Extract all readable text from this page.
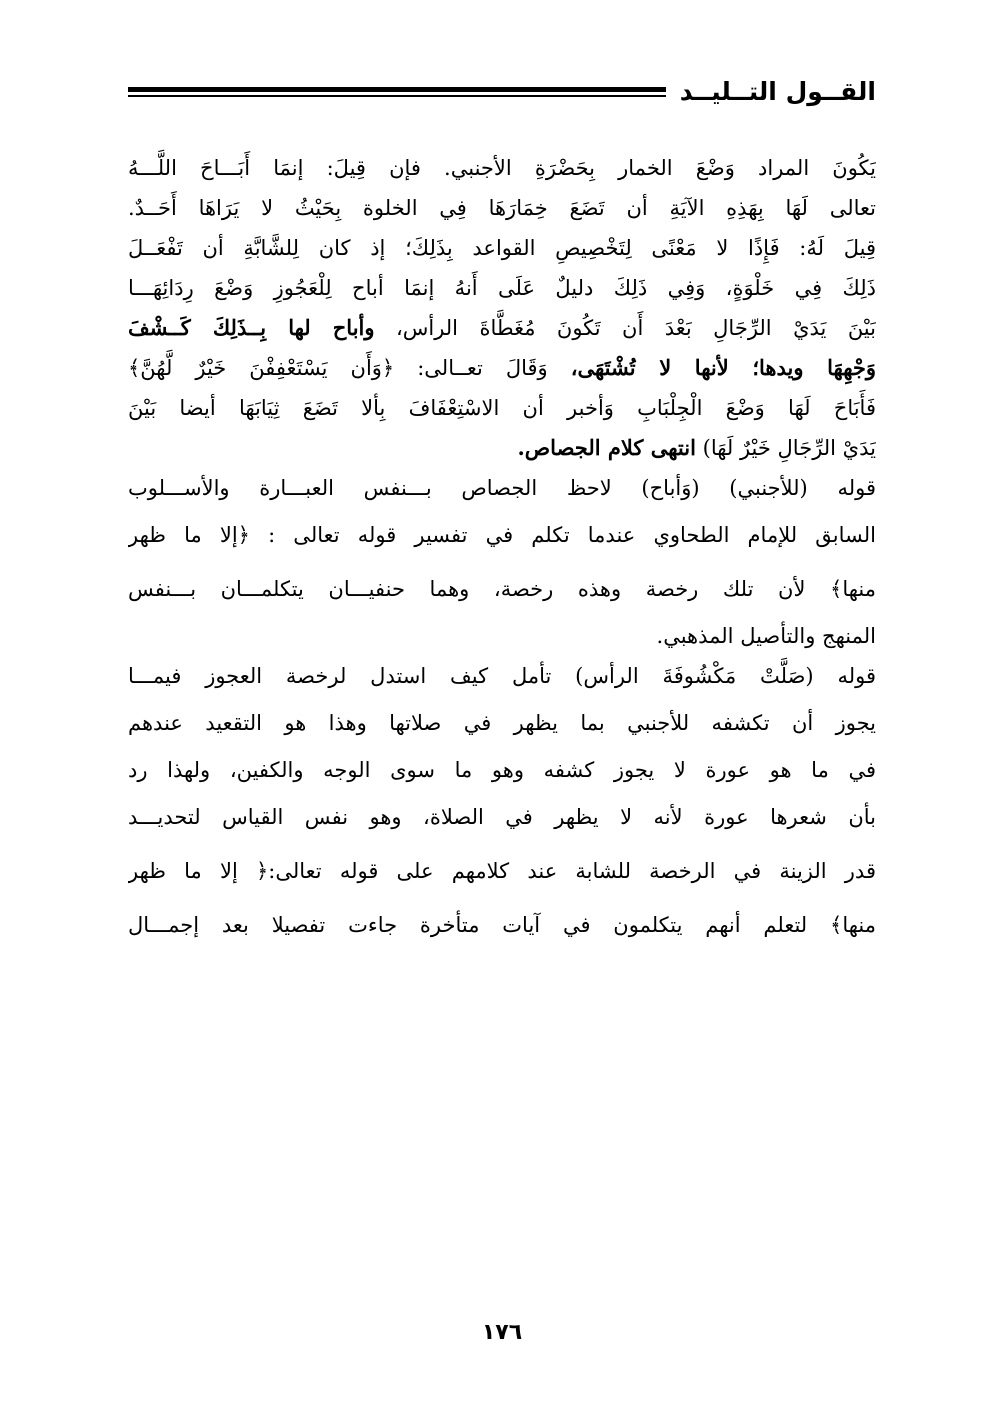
القــول التــليــد
يَكُونَ المراد وَضْعَ الخمار بِحَضْرَةِ الأجنبي. فإن قِيلَ: إنمَا أَبَـــاحَ اللَّـــهُ
تعالى لَهَا بِهَذِهِ الآيَةِ أن تَضَعَ خِمَارَهَا فِي الخلوة بِحَيْثُ لا يَرَاهَا أَحَــدٌ.
قِيلَ لَهُ: فَإِذًا لا مَعْنًى لِتَخْصِيصِ القواعد بِذَلِكَ؛ إذ كان لِلشَّابَّةِ أن تَفْعَــلَ
ذَلِكَ فِي خَلْوَةٍ، وَفِي ذَلِكَ دليلٌ عَلَى أَنهُ إنمَا أباح لِلْعَجُوزِ وَضْعَ رِدَائِهَـــا
بَيْنَ يَدَيْ الرِّجَالِ بَعْدَ أَن تَكُونَ مُغَطَّاةَ الرأس، وأباح لها بِــذَلِكَ كَــشْفَ
وَجْهِهَا ويدها؛ لأنها لا تُشْتَهَى، وَقَالَ تعــالى: ﴿وَأَن يَسْتَعْفِفْنَ خَيْرٌ لَّهُنَّ﴾
فَأَبَاحَ لَهَا وَضْعَ الْجِلْبَابِ وَأخبر أن الاسْتِعْفَافَ بِألا تَضَعَ ثِيَابَهَا أيضا بَيْنَ
يَدَيْ الرِّجَالِ خَيْرٌ لَهَا) انتهى كلام الجصاص.
قوله (للأجنبي) (وَأباح) لاحظ الجصاص بـــنفس العبـــارة والأســـلوب
السابق للإمام الطحاوي عندما تكلم في تفسير قوله تعالى : ﴿إلا ما ظهر
منها﴾ لأن تلك رخصة وهذه رخصة، وهما حنفيـــان يتكلمـــان بـــنفس
المنهج والتأصيل المذهبي.
قوله (صَلَّتْ مَكْشُوفَةَ الرأس) تأمل كيف استدل لرخصة العجوز فيمـــا
يجوز أن تكشفه للأجنبي بما يظهر في صلاتها وهذا هو التقعيد عندهم
في ما هو عورة لا يجوز كشفه وهو ما سوى الوجه والكفين، ولهذا رد
بأن شعرها عورة لأنه لا يظهر في الصلاة، وهو نفس القياس لتحديـــد
قدر الزينة في الرخصة للشابة عند كلامهم على قوله تعالى:﴿ إلا ما ظهر
منها﴾ لتعلم أنهم يتكلمون في آيات متأخرة جاءت تفصيلا بعد إجمـــال
١٧٦
